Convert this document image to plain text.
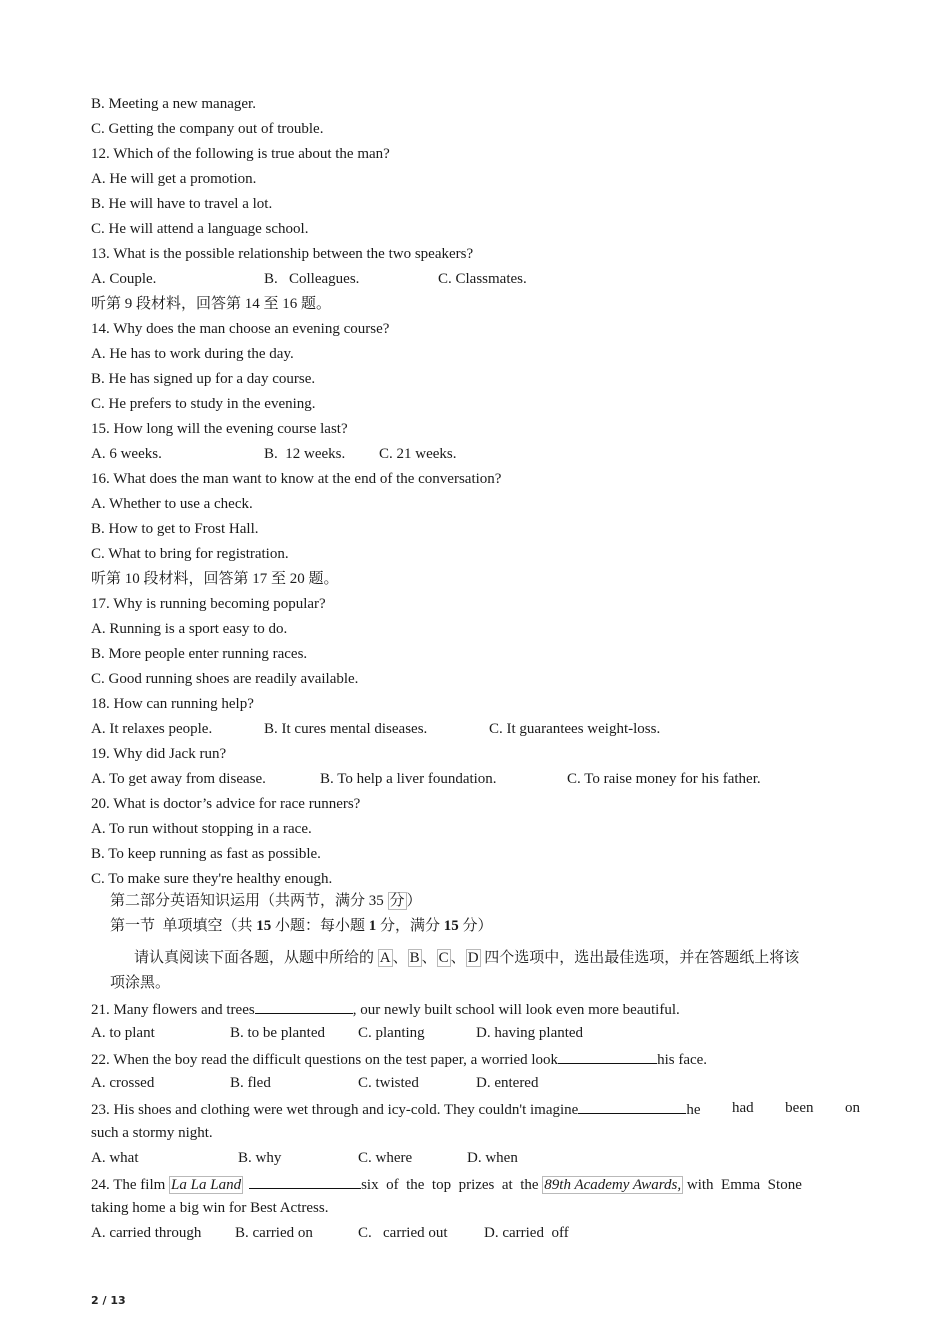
B. Meeting a new manager.
C. Getting the company out of trouble.
12. Which of the following is true about the man?
A. He will get a promotion.
B. He will have to travel a lot.
C. He will attend a language school.
13. What is the possible relationship between the two speakers?
A. Couple.	B.   Colleagues.	C. Classmates.
听第 9 段材料，回答第 14 至 16 题。
14. Why does the man choose an evening course?
A. He has to work during the day.
B. He has signed up for a day course.
C. He prefers to study in the evening.
15. How long will the evening course last?
A. 6 weeks.	B.  12 weeks. C. 21 weeks.
16. What does the man want to know at the end of the conversation?
A. Whether to use a check.
B. How to get to Frost Hall.
C. What to bring for registration.
听第 10 段材料，回答第 17 至 20 题。
17. Why is running becoming popular?
A. Running is a sport easy to do.
B. More people enter running races.
C. Good running shoes are readily available.
18. How can running help?
A. It relaxes people.	B. It cures mental diseases.	C. It guarantees weight-loss.
19. Why did Jack run?
A. To get away from disease.	B. To help a liver foundation.	C. To raise money for his father.
20. What is doctor’s advice for race runners?
A. To run without stopping in a race.
B. To keep running as fast as possible.
C. To make sure they're healthy enough.
第二部分英语知识运用（共两节，满分 35 分 ）
第一节  单项填空（共 15 小题：每小题 1 分，满分 15 分）
请认真阅读下面各题，从题中所给的 A 、 B 、 C 、 D 四个选项中，选出最佳选项，并在答题纸上将该
项涂黑。
21. Many flowers and trees	, our newly built school will look even more beautiful.
A. to plant	B. to be planted C. planting	D. having planted
22. When the boy read the difficult questions on the test paper, a worried look	his face.
A. crossed	B. fled	C. twisted	D. entered
23. His shoes and clothing were wet through and icy-cold. They couldn't imagine	he had been on
such a stormy night.
A. what	B. why	C. where	D. when
24. The film La La Land	six  of  the  top  prizes  at  the 89th Academy Awards, with  Emma  Stone
taking home a big win for Best Actress.
A. carried through B. carried on	C.   carried out D. carried  off
2 / 13
